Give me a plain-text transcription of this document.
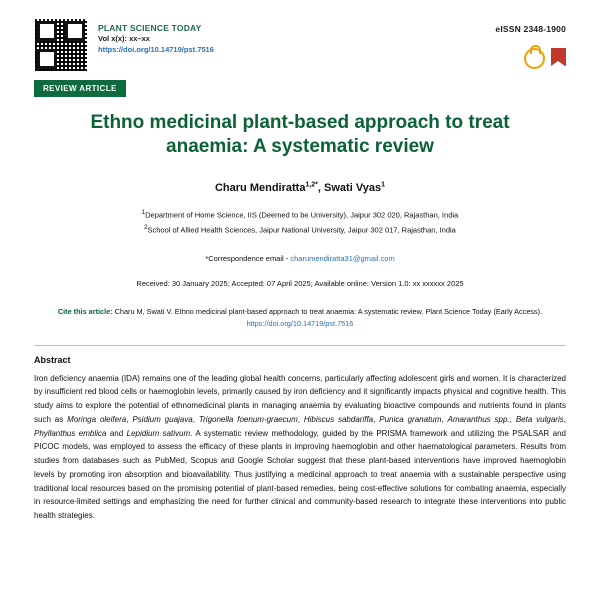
PLANT SCIENCE TODAY
Vol x(x): xx–xx
https://doi.org/10.14719/pst.7516
eISSN 2348-1900
REVIEW ARTICLE
Ethno medicinal plant-based approach to treat anaemia: A systematic review
Charu Mendiratta$^{1,2*}$, Swati Vyas$^1$
$^1$Department of Home Science, IIS (Deemed to be University), Jaipur 302 020, Rajasthan, India
$^2$School of Allied Health Sciences, Jaipur National University, Jaipur 302 017, Rajasthan, India
*Correspondence email - charumendiratta31@gmail.com
Received: 30 January 2025; Accepted: 07 April 2025; Available online: Version 1.0: xx xxxxxx 2025
Cite this article: Charu M, Swati V. Ethno medicinal plant-based approach to treat anaemia: A systematic review. Plant Science Today (Early Access).
https://doi.org/10.14719/pst.7516
Abstract
Iron deficiency anaemia (IDA) remains one of the leading global health concerns, particularly affecting adolescent girls and women. It is characterized by insufficient red blood cells or haemoglobin levels, primarily caused by iron deficiency and it significantly impacts physical and cognitive health. This study aims to explore the potential of ethnomedicinal plants in managing anaemia by evaluating bioactive compounds and nutrients found in plants such as Moringa oleifera, Psidium guajava, Trigonella foenum-graecum, Hibiscus sabdariffa, Punica granatum, Amaranthus spp., Beta vulgaris, Phyllanthus emblica and Lepidium sativum. A systematic review methodology, guided by the PRISMA framework and utilizing the PSALSAR and PICOC models, was employed to assess the efficacy of these plants in improving haemoglobin and other haematological parameters. Results from studies from databases such as PubMed, Scopus and Google Scholar suggest that these plant-based interventions have improved haemoglobin levels by promoting iron absorption and bioavailability. Thus justifying a medicinal approach to treat anaemia with a sustainable perspective using traditional local resources based on the promising potential of plant-based remedies, being cost-effective solutions for combating anaemia, especially in resource-limited settings and emphasizing the need for further clinical and community-based research to integrate these interventions into public health strategies.
